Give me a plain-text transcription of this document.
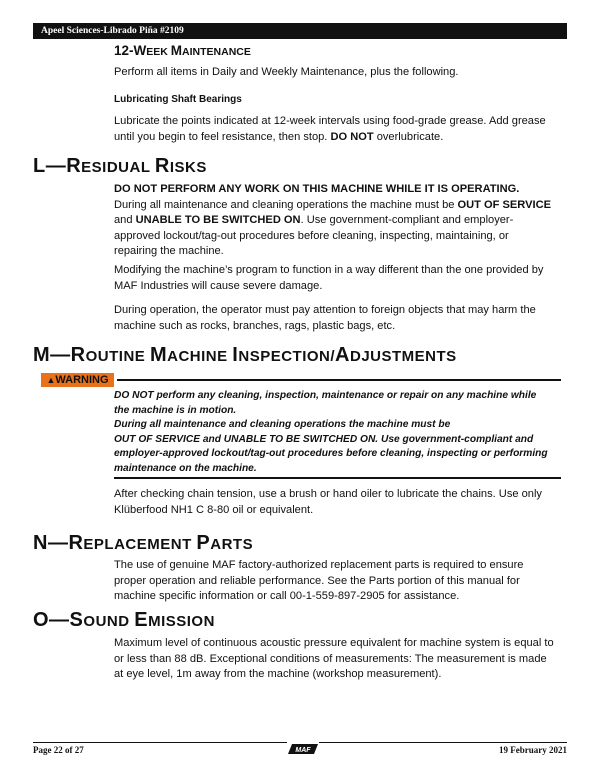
Apeel Sciences-Librado Piña #2109
12-WEEK MAINTENANCE

Perform all items in Daily and Weekly Maintenance, plus the following.

Lubricating Shaft Bearings

Lubricate the points indicated at 12-week intervals using food-grade grease. Add grease until you begin to feel resistance, then stop. DO NOT overlubricate.

L—RESIDUAL RISKS

DO NOT PERFORM ANY WORK ON THIS MACHINE WHILE IT IS OPERATING. During all maintenance and cleaning operations the machine must be OUT OF SERVICE and UNABLE TO BE SWITCHED ON. Use government-compliant and employer-approved lockout/tag-out procedures before cleaning, inspecting, maintaining, or repairing the machine.

Modifying the machine’s program to function in a way different than the one provided by MAF Industries will cause severe damage.

During operation, the operator must pay attention to foreign objects that may harm the machine such as rocks, branches, rags, plastic bags, etc.

M—ROUTINE MACHINE INSPECTION/ADJUSTMENTS
▲WARNING
DO NOT perform any cleaning, inspection, maintenance or repair on any machine while the machine is in motion.
During all maintenance and cleaning operations the machine must be
OUT OF SERVICE and UNABLE TO BE SWITCHED ON. Use government-compliant and employer-approved lockout/tag-out procedures before cleaning, inspecting or performing maintenance on the machine.

After checking chain tension, use a brush or hand oiler to lubricate the chains. Use only Klüberfood NH1 C 8-80 oil or equivalent.

N—REPLACEMENT PARTS

The use of genuine MAF factory-authorized replacement parts is required to ensure proper operation and reliable performance. See the Parts portion of this manual for machine specific information or call 00-1-559-897-2905 for assistance.

O—SOUND EMISSION

Maximum level of continuous acoustic pressure equivalent for machine system is equal to or less than 88 dB. Exceptional conditions of measurements: The measurement is made at eye level, 1m away from the machine (workshop measurement).

Page 22 of 27	MAF	19 February 2021
